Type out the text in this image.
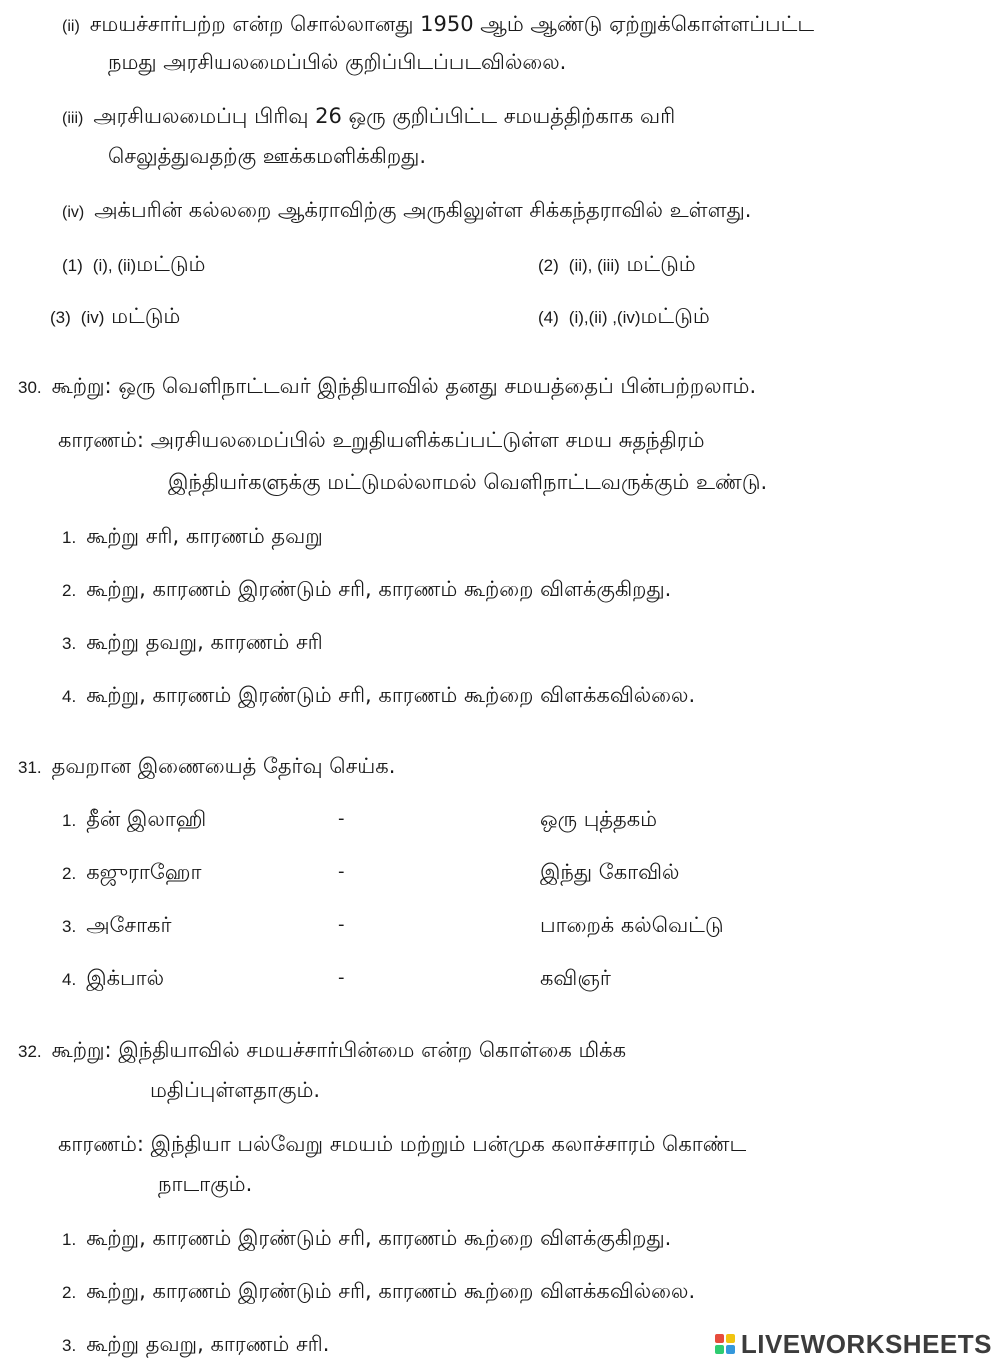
(ii) சமயச்சார்பற்ற என்ற சொல்லானது 1950 ஆம் ஆண்டு ஏற்றுக்கொள்ளப்பட்ட
நமது அரசியலமைப்பில் குறிப்பிடப்படவில்லை.
(iii) அரசியலமைப்பு பிரிவு 26 ஒரு குறிப்பிட்ட சமயத்திற்காக வரி
செலுத்துவதற்கு ஊக்கமளிக்கிறது.
(iv) அக்பரின் கல்லறை ஆக்ராவிற்கு அருகிலுள்ள சிக்கந்தராவில் உள்ளது.
(1) (i), (ii)மட்டும்	(2) (ii), (iii) மட்டும்
(3) (iv) மட்டும்	(4) (i),(ii) ,(iv)மட்டும்
30. கூற்று: ஒரு வெளிநாட்டவர் இந்தியாவில் தனது சமயத்தைப் பின்பற்றலாம்.
காரணம்: அரசியலமைப்பில் உறுதியளிக்கப்பட்டுள்ள சமய சுதந்திரம்
இந்தியர்களுக்கு மட்டுமல்லாமல் வெளிநாட்டவருக்கும் உண்டு.
1. கூற்று சரி, காரணம் தவறு
2. கூற்று, காரணம் இரண்டும் சரி, காரணம் கூற்றை விளக்குகிறது.
3. கூற்று தவறு, காரணம் சரி
4. கூற்று, காரணம் இரண்டும் சரி, காரணம் கூற்றை விளக்கவில்லை.
31. தவறான இணையைத் தேர்வு செய்க.
1. தீன் இலாஹி	-	ஒரு புத்தகம்
2. கஜுராஹோ	-	இந்து கோவில்
3. அசோகர்	-	பாறைக் கல்வெட்டு
4. இக்பால்	-	கவிஞர்
32. கூற்று: இந்தியாவில் சமயச்சார்பின்மை என்ற கொள்கை மிக்க
மதிப்புள்ளதாகும்.
காரணம்: இந்தியா பல்வேறு சமயம் மற்றும் பன்முக கலாச்சாரம் கொண்ட
நாடாகும்.
1. கூற்று, காரணம் இரண்டும் சரி, காரணம் கூற்றை விளக்குகிறது.
2. கூற்று, காரணம் இரண்டும் சரி, காரணம் கூற்றை விளக்கவில்லை.
3. கூற்று தவறு, காரணம் சரி.	LIVEWORKSHEETS
